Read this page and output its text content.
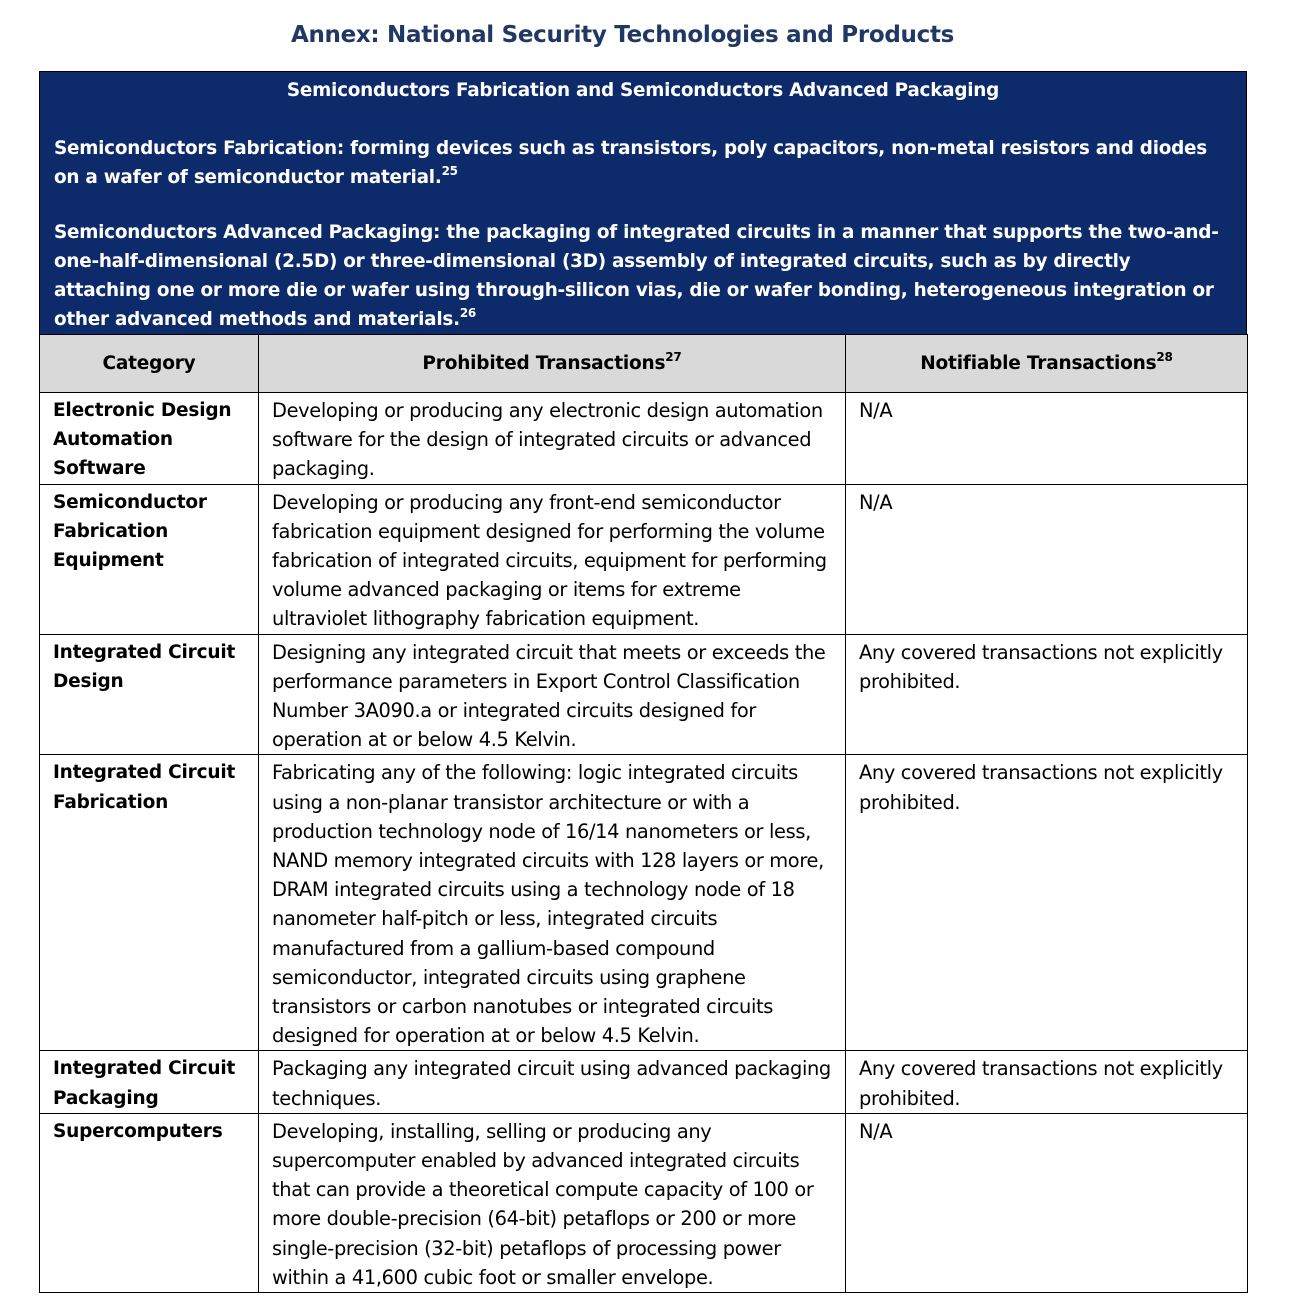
Annex: National Security Technologies and Products
Semiconductors Fabrication and Semiconductors Advanced Packaging

Semiconductors Fabrication: forming devices such as transistors, poly capacitors, non-metal resistors and diodes on a wafer of semiconductor material.$^{25}$

Semiconductors Advanced Packaging: the packaging of integrated circuits in a manner that supports the two-and-one-half-dimensional (2.5D) or three-dimensional (3D) assembly of integrated circuits, such as by directly attaching one or more die or wafer using through-silicon vias, die or wafer bonding, heterogeneous integration or other advanced methods and materials.$^{26}$

Category	Prohibited Transactions$^{27}$	Notifiable Transactions$^{28}$
Electronic Design Automation Software	Developing or producing any electronic design automation software for the design of integrated circuits or advanced packaging.	N/A
Semiconductor Fabrication Equipment	Developing or producing any front-end semiconductor fabrication equipment designed for performing the volume fabrication of integrated circuits, equipment for performing volume advanced packaging or items for extreme ultraviolet lithography fabrication equipment.	N/A
Integrated Circuit Design	Designing any integrated circuit that meets or exceeds the performance parameters in Export Control Classification Number 3A090.a or integrated circuits designed for operation at or below 4.5 Kelvin.	Any covered transactions not explicitly prohibited.
Integrated Circuit Fabrication	Fabricating any of the following: logic integrated circuits using a non-planar transistor architecture or with a production technology node of 16/14 nanometers or less, NAND memory integrated circuits with 128 layers or more, DRAM integrated circuits using a technology node of 18 nanometer half-pitch or less, integrated circuits manufactured from a gallium-based compound semiconductor, integrated circuits using graphene transistors or carbon nanotubes or integrated circuits designed for operation at or below 4.5 Kelvin.	Any covered transactions not explicitly prohibited.
Integrated Circuit Packaging	Packaging any integrated circuit using advanced packaging techniques.	Any covered transactions not explicitly prohibited.
Supercomputers	Developing, installing, selling or producing any supercomputer enabled by advanced integrated circuits that can provide a theoretical compute capacity of 100 or more double-precision (64-bit) petaflops or 200 or more single-precision (32-bit) petaflops of processing power within a 41,600 cubic foot or smaller envelope.	N/A
